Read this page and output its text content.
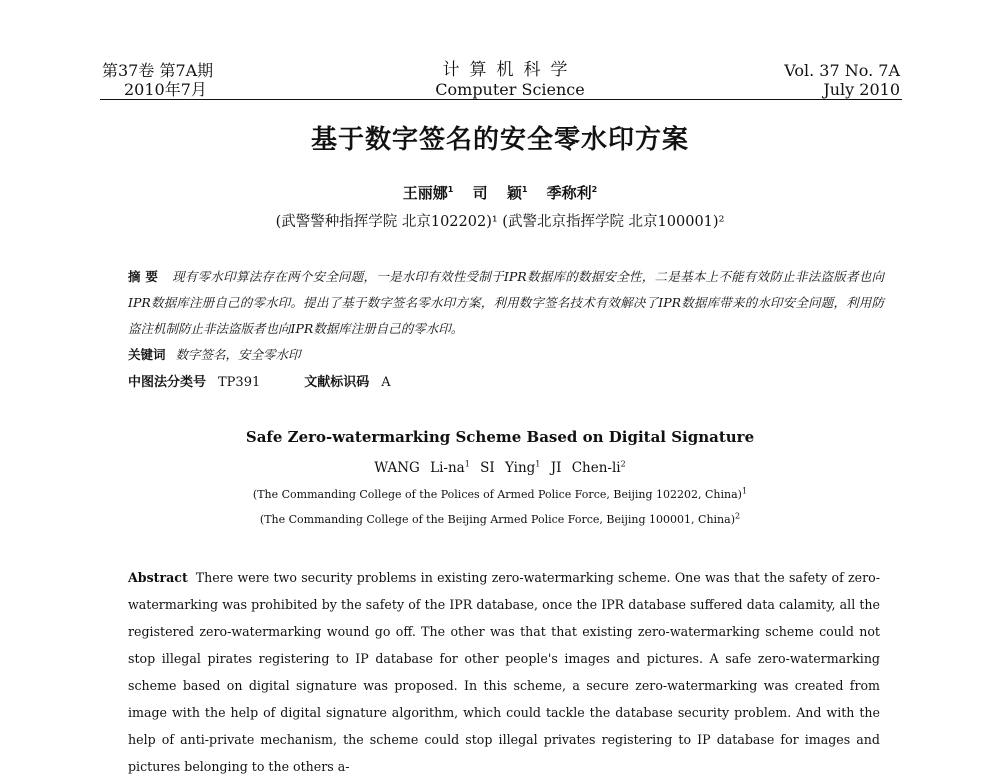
第37卷 第7A期
2010年7月
计算机科学
Computer Science
Vol. 37 No. 7A
July 2010
基于数字签名的安全零水印方案
王丽娜$^1$ 司 颖$^1$ 季称利$^2$
(武警警种指挥学院 北京102202)¹ (武警北京指挥学院 北京100001)²
摘 要 现有零水印算法存在两个安全问题，一是水印有效性受制于IPR数据库的数据安全性，二是基本上不能有效防止非法盗版者也向IPR数据库注册自己的零水印。提出了基于数字签名零水印方案，利用数字签名技术有效解决了IPR数据库带来的水印安全问题，利用防盗注机制防止非法盗版者也向IPR数据库注册自己的零水印。
关键词 数字签名，安全零水印
中图法分类号 TP391	文献标识码 A
Safe Zero-watermarking Scheme Based on Digital Signature
WANG $Li-na^1$ SI Ying$^1$ JI Chen-$li^2$
(The Commanding College of the Polices of Armed Police Force, Beijing 102202, China)$^1$
(The Commanding College of the Beijing Armed Police Force, Beijing 100001, China)$^2$
Abstract There were two security problems in existing zero-watermarking scheme. One was that the safety of zero-watermarking was prohibited by the safety of the IPR database, once the IPR database suffered data calamity, all the registered zero-watermarking wound go off. The other was that that existing zero-watermarking scheme could not stop illegal pirates registering to IP database for other people's images and pictures. A safe zero-watermarking scheme based on digital signature was proposed. In this scheme, a secure zero-watermarking was created from image with the help of digital signature algorithm, which could tackle the database security problem. And with the help of anti-private mechanism, the scheme could stop illegal privates registering to IP database for images and pictures belonging to the others a-
